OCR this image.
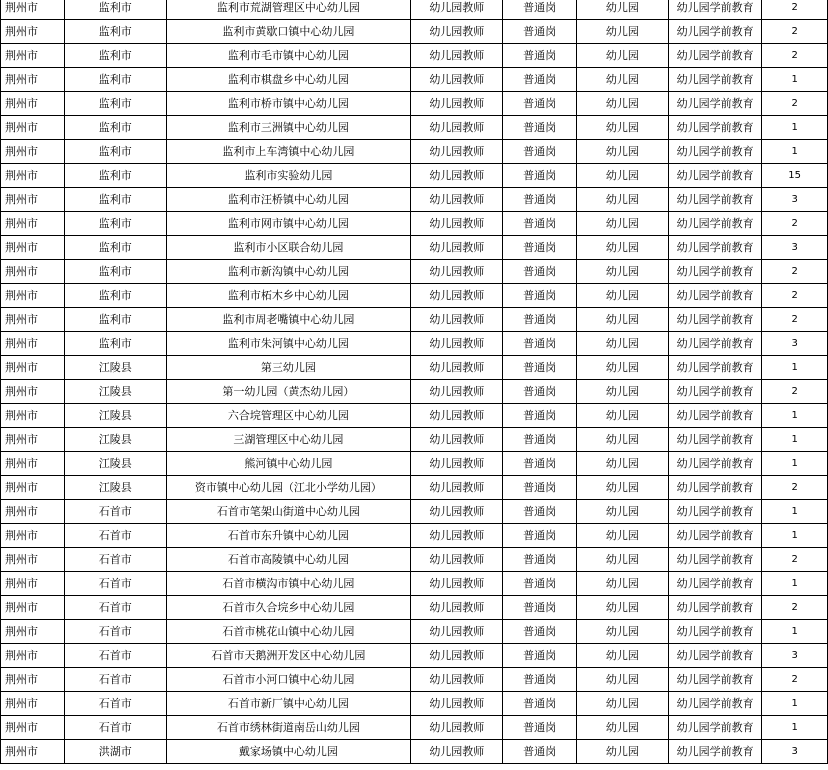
荆州市	监利市	监利市荒湖管理区中心幼儿园	幼儿园教师	普通岗	幼儿园	幼儿园学前教育	2
荆州市	监利市	监利市黄歇口镇中心幼儿园	幼儿园教师	普通岗	幼儿园	幼儿园学前教育	2
荆州市	监利市	监利市毛市镇中心幼儿园	幼儿园教师	普通岗	幼儿园	幼儿园学前教育	2
荆州市	监利市	监利市棋盘乡中心幼儿园	幼儿园教师	普通岗	幼儿园	幼儿园学前教育	1
荆州市	监利市	监利市桥市镇中心幼儿园	幼儿园教师	普通岗	幼儿园	幼儿园学前教育	2
荆州市	监利市	监利市三洲镇中心幼儿园	幼儿园教师	普通岗	幼儿园	幼儿园学前教育	1
荆州市	监利市	监利市上车湾镇中心幼儿园	幼儿园教师	普通岗	幼儿园	幼儿园学前教育	1
荆州市	监利市	监利市实验幼儿园	幼儿园教师	普通岗	幼儿园	幼儿园学前教育	15
荆州市	监利市	监利市汪桥镇中心幼儿园	幼儿园教师	普通岗	幼儿园	幼儿园学前教育	3
荆州市	监利市	监利市网市镇中心幼儿园	幼儿园教师	普通岗	幼儿园	幼儿园学前教育	2
荆州市	监利市	监利市小区联合幼儿园	幼儿园教师	普通岗	幼儿园	幼儿园学前教育	3
荆州市	监利市	监利市新沟镇中心幼儿园	幼儿园教师	普通岗	幼儿园	幼儿园学前教育	2
荆州市	监利市	监利市柘木乡中心幼儿园	幼儿园教师	普通岗	幼儿园	幼儿园学前教育	2
荆州市	监利市	监利市周老嘴镇中心幼儿园	幼儿园教师	普通岗	幼儿园	幼儿园学前教育	2
荆州市	监利市	监利市朱河镇中心幼儿园	幼儿园教师	普通岗	幼儿园	幼儿园学前教育	3
荆州市	江陵县	第三幼儿园	幼儿园教师	普通岗	幼儿园	幼儿园学前教育	1
荆州市	江陵县	第一幼儿园（黄杰幼儿园）	幼儿园教师	普通岗	幼儿园	幼儿园学前教育	2
荆州市	江陵县	六合垸管理区中心幼儿园	幼儿园教师	普通岗	幼儿园	幼儿园学前教育	1
荆州市	江陵县	三湖管理区中心幼儿园	幼儿园教师	普通岗	幼儿园	幼儿园学前教育	1
荆州市	江陵县	熊河镇中心幼儿园	幼儿园教师	普通岗	幼儿园	幼儿园学前教育	1
荆州市	江陵县	资市镇中心幼儿园（江北小学幼儿园）	幼儿园教师	普通岗	幼儿园	幼儿园学前教育	2
荆州市	石首市	石首市笔架山街道中心幼儿园	幼儿园教师	普通岗	幼儿园	幼儿园学前教育	1
荆州市	石首市	石首市东升镇中心幼儿园	幼儿园教师	普通岗	幼儿园	幼儿园学前教育	1
荆州市	石首市	石首市高陵镇中心幼儿园	幼儿园教师	普通岗	幼儿园	幼儿园学前教育	2
荆州市	石首市	石首市横沟市镇中心幼儿园	幼儿园教师	普通岗	幼儿园	幼儿园学前教育	1
荆州市	石首市	石首市久合垸乡中心幼儿园	幼儿园教师	普通岗	幼儿园	幼儿园学前教育	2
荆州市	石首市	石首市桃花山镇中心幼儿园	幼儿园教师	普通岗	幼儿园	幼儿园学前教育	1
荆州市	石首市	石首市天鹅洲开发区中心幼儿园	幼儿园教师	普通岗	幼儿园	幼儿园学前教育	3
荆州市	石首市	石首市小河口镇中心幼儿园	幼儿园教师	普通岗	幼儿园	幼儿园学前教育	2
荆州市	石首市	石首市新厂镇中心幼儿园	幼儿园教师	普通岗	幼儿园	幼儿园学前教育	1
荆州市	石首市	石首市绣林街道南岳山幼儿园	幼儿园教师	普通岗	幼儿园	幼儿园学前教育	1
荆州市	洪湖市	戴家场镇中心幼儿园	幼儿园教师	普通岗	幼儿园	幼儿园学前教育	3
